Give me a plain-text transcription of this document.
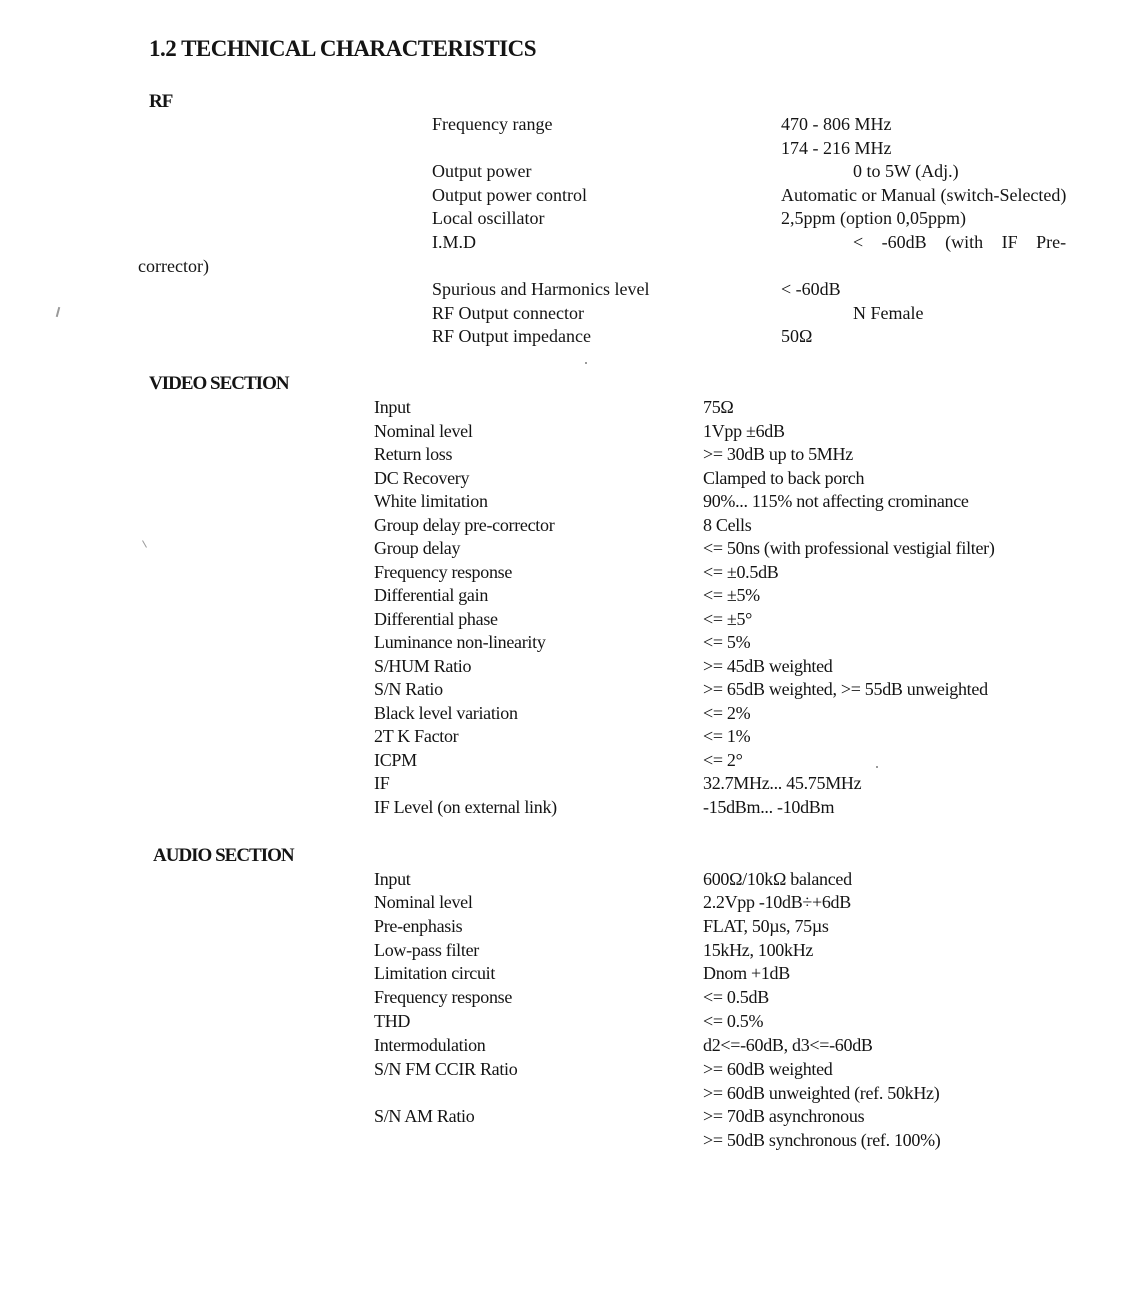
1.2 TECHNICAL CHARACTERISTICS
RF
Frequency range	470 - 806 MHz
174 - 216 MHz
Output power	0 to 5W (Adj.)
Output power control	Automatic or Manual (switch-Selected)
Local oscillator	2,5ppm (option 0,05ppm)
I.M.D	< -60dB (with IF Pre-
corrector)
Spurious and Harmonics level	< -60dB
RF Output connector	N Female
RF Output impedance	50Ω
VIDEO SECTION
Input	75Ω
Nominal level	1Vpp ±6dB
Return loss	>= 30dB up to 5MHz
DC Recovery	Clamped to back porch
White limitation	90%... 115% not affecting crominance
Group delay pre-corrector	8 Cells
Group delay	<= 50ns (with professional vestigial filter)
Frequency response	<= ±0.5dB
Differential gain	<= ±5%
Differential phase	<= ±5°
Luminance non-linearity	<= 5%
S/HUM Ratio	>= 45dB weighted
S/N Ratio	>= 65dB weighted, >= 55dB unweighted
Black level variation	<= 2%
2T K Factor	<= 1%
ICPM	<= 2°
IF	32.7MHz... 45.75MHz
IF Level (on external link)	-15dBm... -10dBm
AUDIO SECTION
Input	600Ω/10kΩ balanced
Nominal level	2.2Vpp -10dB÷+6dB
Pre-enphasis	FLAT, 50µs, 75µs
Low-pass filter	15kHz, 100kHz
Limitation circuit	Dnom +1dB
Frequency response	<= 0.5dB
THD	<= 0.5%
Intermodulation	d2<=-60dB, d3<=-60dB
S/N FM CCIR Ratio	>= 60dB weighted
>= 60dB unweighted (ref. 50kHz)
S/N AM Ratio	>= 70dB asynchronous
>= 50dB synchronous (ref. 100%)
